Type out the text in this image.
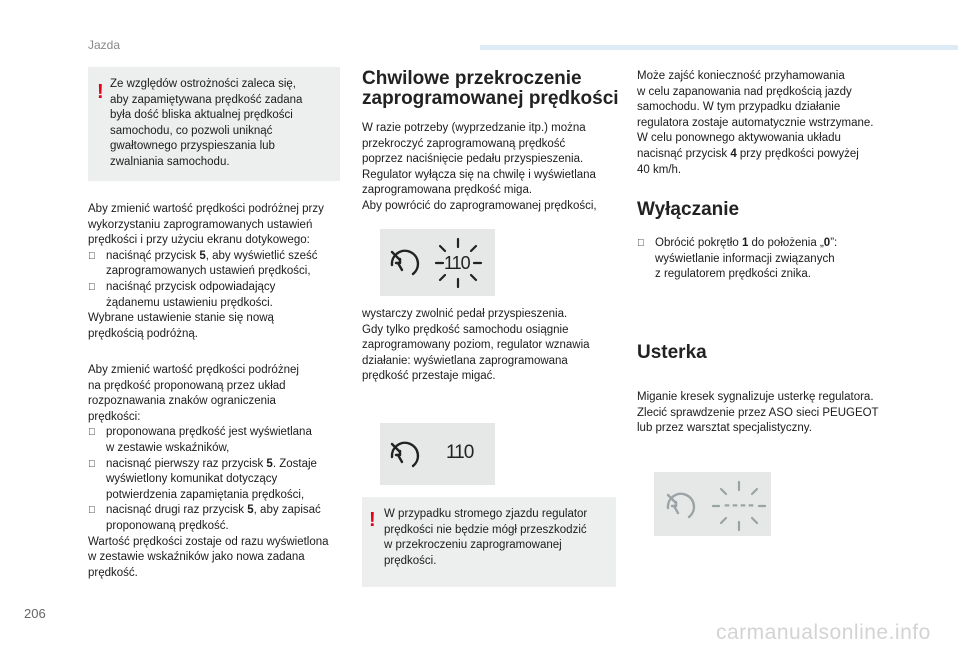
Jazda
! Ze względów ostrożności zaleca się,

aby zapamiętywana prędkość zadana

była dość bliska aktualnej prędkości

samochodu, co pozwoli uniknąć

gwałtownego przyspieszania lub

zwalniania samochodu.

Aby zmienić wartość prędkości podróżnej przy

wykorzystaniu zaprogramowanych ustawień

prędkości i przy użyciu ekranu dotykowego:

naciśnąć przycisk 5, aby wyświetlić sześć

zaprogramowanych ustawień prędkości,

naciśnąć przycisk odpowiadający

żądanemu ustawieniu prędkości.

Wybrane ustawienie stanie się nową

prędkością podróżną.

Aby zmienić wartość prędkości podróżnej

na prędkość proponowaną przez układ

rozpoznawania znaków ograniczenia

prędkości:

proponowana prędkość jest wyświetlana

w zestawie wskaźników,

nacisnąć pierwszy raz przycisk 5. Zostaje

wyświetlony komunikat dotyczący

potwierdzenia zapamiętania prędkości,

nacisnąć drugi raz przycisk 5, aby zapisać

proponowaną prędkość.

Wartość prędkości zostaje od razu wyświetlona

w zestawie wskaźników jako nowa zadana

prędkość.

Chwilowe przekroczenie
zaprogramowanej prędkości

W razie potrzeby (wyprzedzanie itp.) można

przekroczyć zaprogramowaną prędkość

poprzez naciśnięcie pedału przyspieszenia.

Regulator wyłącza się na chwilę i wyświetlana

zaprogramowana prędkość miga.

Aby powrócić do zaprogramowanej prędkości,

110

wystarczy zwolnić pedał przyspieszenia.

Gdy tylko prędkość samochodu osiągnie

zaprogramowany poziom, regulator wznawia

działanie: wyświetlana zaprogramowana

prędkość przestaje migać.

110
! W przypadku stromego zjazdu regulator

prędkości nie będzie mógł przeszkodzić

w przekroczeniu zaprogramowanej

prędkości.

Może zajść konieczność przyhamowania

w celu zapanowania nad prędkością jazdy

samochodu. W tym przypadku działanie

regulatora zostaje automatycznie wstrzymane.

W celu ponownego aktywowania układu

nacisnąć przycisk 4 przy prędkości powyżej

40 km/h.

Wyłączanie

Obrócić pokrętło 1 do położenia „0”:

wyświetlanie informacji związanych

z regulatorem prędkości znika.

Usterka

Miganie kresek sygnalizuje usterkę regulatora.

Zlecić sprawdzenie przez ASO sieci PEUGEOT

lub przez warsztat specjalistyczny.

----
206
carmanualsonline.info
